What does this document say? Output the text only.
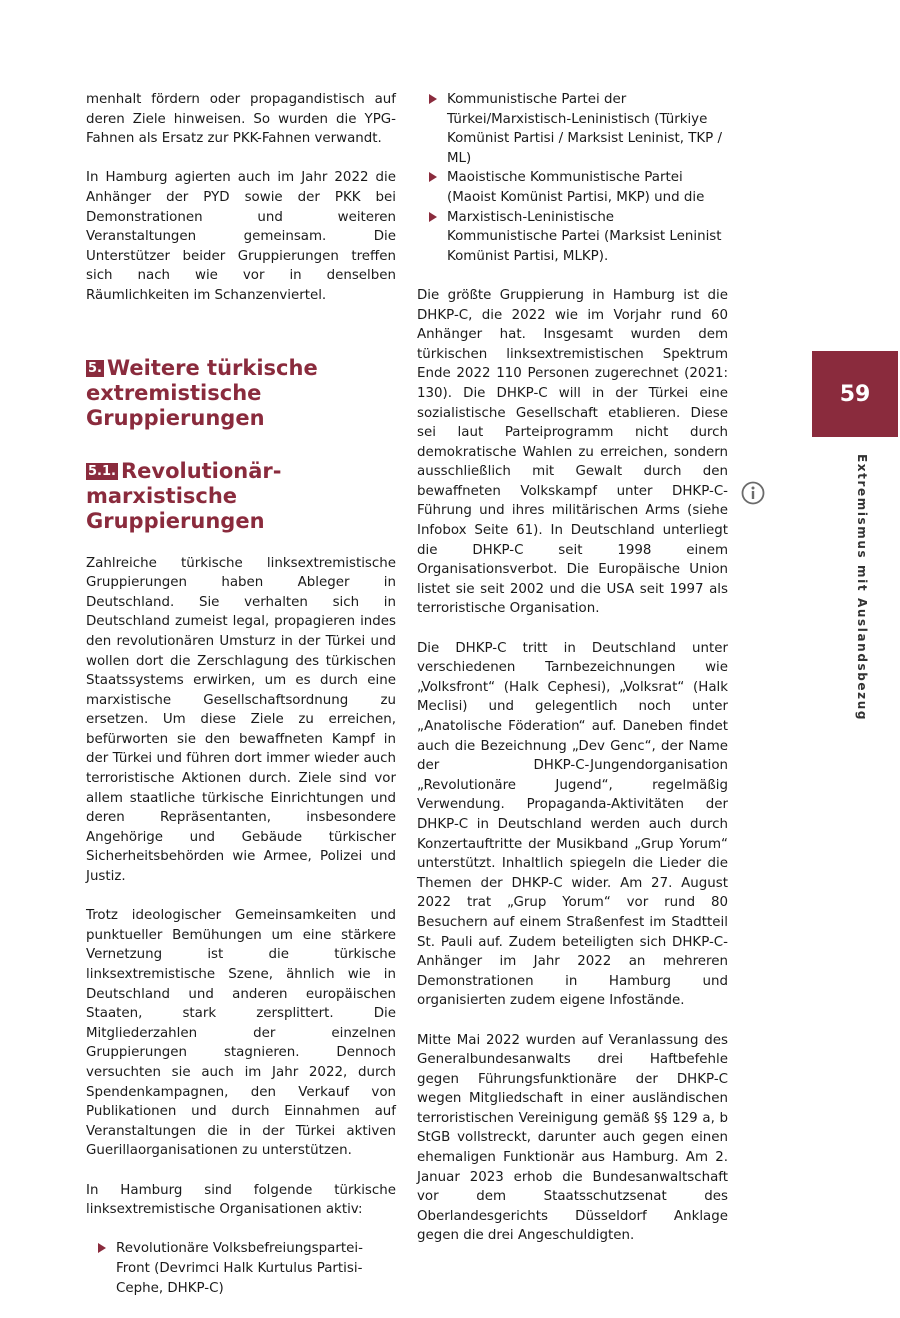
menhalt fördern oder propagandistisch auf deren Ziele hinweisen. So wurden die YPG-Fahnen als Ersatz zur PKK-Fahnen verwandt.

In Hamburg agierten auch im Jahr 2022 die Anhänger der PYD sowie der PKK bei Demonstrationen und weiteren Veranstaltungen gemeinsam. Die Unterstützer beider Gruppierungen treffen sich nach wie vor in denselben Räumlichkeiten im Schanzenviertel.

5. Weitere türkische extremistische Gruppierungen
5.1. Revolutionär-marxistische Gruppierungen

Zahlreiche türkische linksextremistische Gruppierungen haben Ableger in Deutschland. Sie verhalten sich in Deutschland zumeist legal, propagieren indes den revolutionären Umsturz in der Türkei und wollen dort die Zerschlagung des türkischen Staatssystems erwirken, um es durch eine marxistische Gesellschaftsordnung zu ersetzen. Um diese Ziele zu erreichen, befürworten sie den bewaffneten Kampf in der Türkei und führen dort immer wieder auch terroristische Aktionen durch. Ziele sind vor allem staatliche türkische Einrichtungen und deren Repräsentanten, insbesondere Angehörige und Gebäude türkischer Sicherheitsbehörden wie Armee, Polizei und Justiz.

Trotz ideologischer Gemeinsamkeiten und punktueller Bemühungen um eine stärkere Vernetzung ist die türkische linksextremistische Szene, ähnlich wie in Deutschland und anderen europäischen Staaten, stark zersplittert. Die Mitgliederzahlen der einzelnen Gruppierungen stagnieren. Dennoch versuchten sie auch im Jahr 2022, durch Spendenkampagnen, den Verkauf von Publikationen und durch Einnahmen auf Veranstaltungen die in der Türkei aktiven Guerillaorganisationen zu unterstützen.

In Hamburg sind folgende türkische linksextremistische Organisationen aktiv:

Revolutionäre Volksbefreiungspartei-Front (Devrimci Halk Kurtulus Partisi-Cephe, DHKP-C)
Kommunistische Partei der Türkei/Marxistisch-Leninistisch (Türkiye Komünist Partisi / Marksist Leninist, TKP / ML)
Maoistische Kommunistische Partei (Maoist Komünist Partisi, MKP) und die
Marxistisch-Leninistische Kommunistische Partei (Marksist Leninist Komünist Partisi, MLKP).

Die größte Gruppierung in Hamburg ist die DHKP-C, die 2022 wie im Vorjahr rund 60 Anhänger hat. Insgesamt wurden dem türkischen linksextremistischen Spektrum Ende 2022 110 Personen zugerechnet (2021: 130). Die DHKP-C will in der Türkei eine sozialistische Gesellschaft etablieren. Diese sei laut Parteiprogramm nicht durch demokratische Wahlen zu erreichen, sondern ausschließlich mit Gewalt durch den bewaffneten Volkskampf unter DHKP-C-Führung und ihres militärischen Arms (siehe Infobox Seite 61). In Deutschland unterliegt die DHKP-C seit 1998 einem Organisationsverbot. Die Europäische Union listet sie seit 2002 und die USA seit 1997 als terroristische Organisation.

Die DHKP-C tritt in Deutschland unter verschiedenen Tarnbezeichnungen wie „Volksfront“ (Halk Cephesi), „Volksrat“ (Halk Meclisi) und gelegentlich noch unter „Anatolische Föderation“ auf. Daneben findet auch die Bezeichnung „Dev Genc“, der Name der DHKP-C-Jungendorganisation „Revolutionäre Jugend“, regelmäßig Verwendung. Propaganda-Aktivitäten der DHKP-C in Deutschland werden auch durch Konzertauftritte der Musikband „Grup Yorum“ unterstützt. Inhaltlich spiegeln die Lieder die Themen der DHKP-C wider. Am 27. August 2022 trat „Grup Yorum“ vor rund 80 Besuchern auf einem Straßenfest im Stadtteil St. Pauli auf. Zudem beteiligten sich DHKP-C-Anhänger im Jahr 2022 an mehreren Demonstrationen in Hamburg und organisierten zudem eigene Infostände.

Mitte Mai 2022 wurden auf Veranlassung des Generalbundesanwalts drei Haftbefehle gegen Führungsfunktionäre der DHKP-C wegen Mitgliedschaft in einer ausländischen terroristischen Vereinigung gemäß §§ 129 a, b StGB vollstreckt, darunter auch gegen einen ehemaligen Funktionär aus Hamburg. Am 2. Januar 2023 erhob die Bundesanwaltschaft vor dem Staatsschutzsenat des Oberlandesgerichts Düsseldorf Anklage gegen die drei Angeschuldigten.

59
Extremismus mit Auslandsbezug
